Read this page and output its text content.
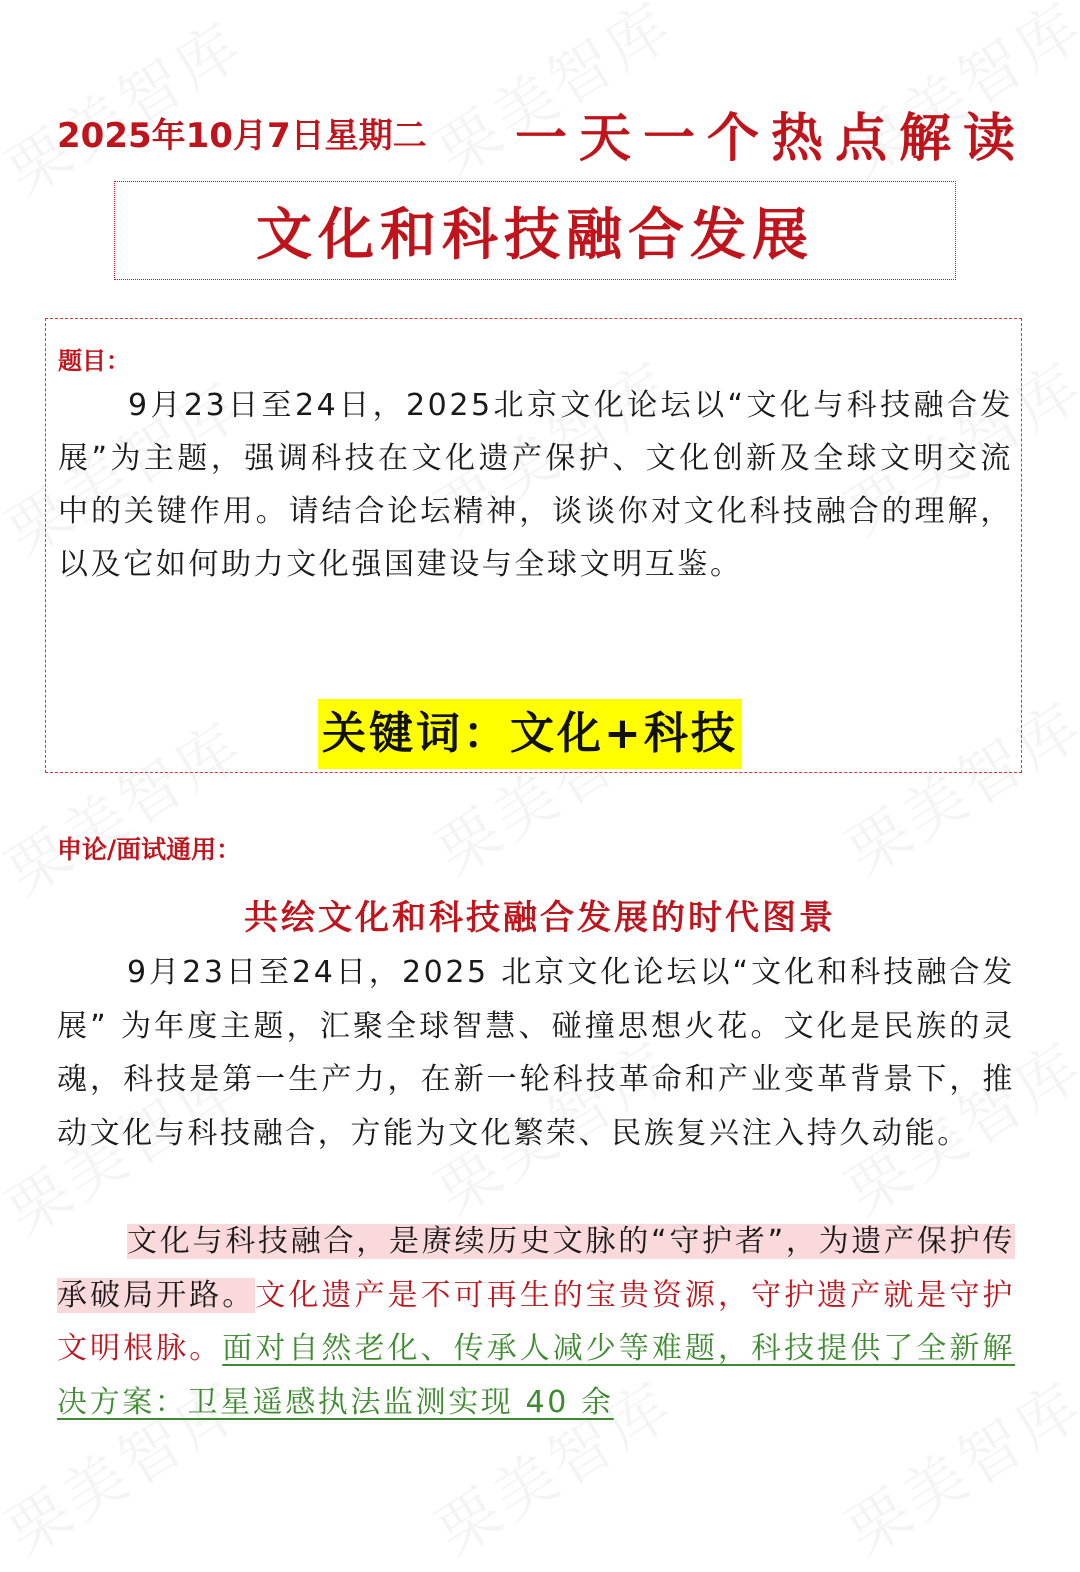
2025年10月7日星期二 一天一个热点解读
文化和科技融合发展
题目：
9月23日至24日，2025北京文化论坛以“文化与科技融合发展”为主题，强调科技在文化遗产保护、文化创新及全球文明交流中的关键作用。请结合论坛精神，谈谈你对文化科技融合的理解，以及它如何助力文化强国建设与全球文明互鉴。
关键词：文化+科技
申论/面试通用：
共绘文化和科技融合发展的时代图景
9月23日至24日，2025 北京文化论坛以“文化和科技融合发展” 为年度主题，汇聚全球智慧、碰撞思想火花。文化是民族的灵魂，科技是第一生产力，在新一轮科技革命和产业变革背景下，推动文化与科技融合，方能为文化繁荣、民族复兴注入持久动能。
文化与科技融合，是赓续历史文脉的“守护者”，为遗产保护传承破局开路。文化遗产是不可再生的宝贵资源，守护遗产就是守护文明根脉。面对自然老化、传承人减少等难题，科技提供了全新解决方案：卫星遥感执法监测实现 40 余
